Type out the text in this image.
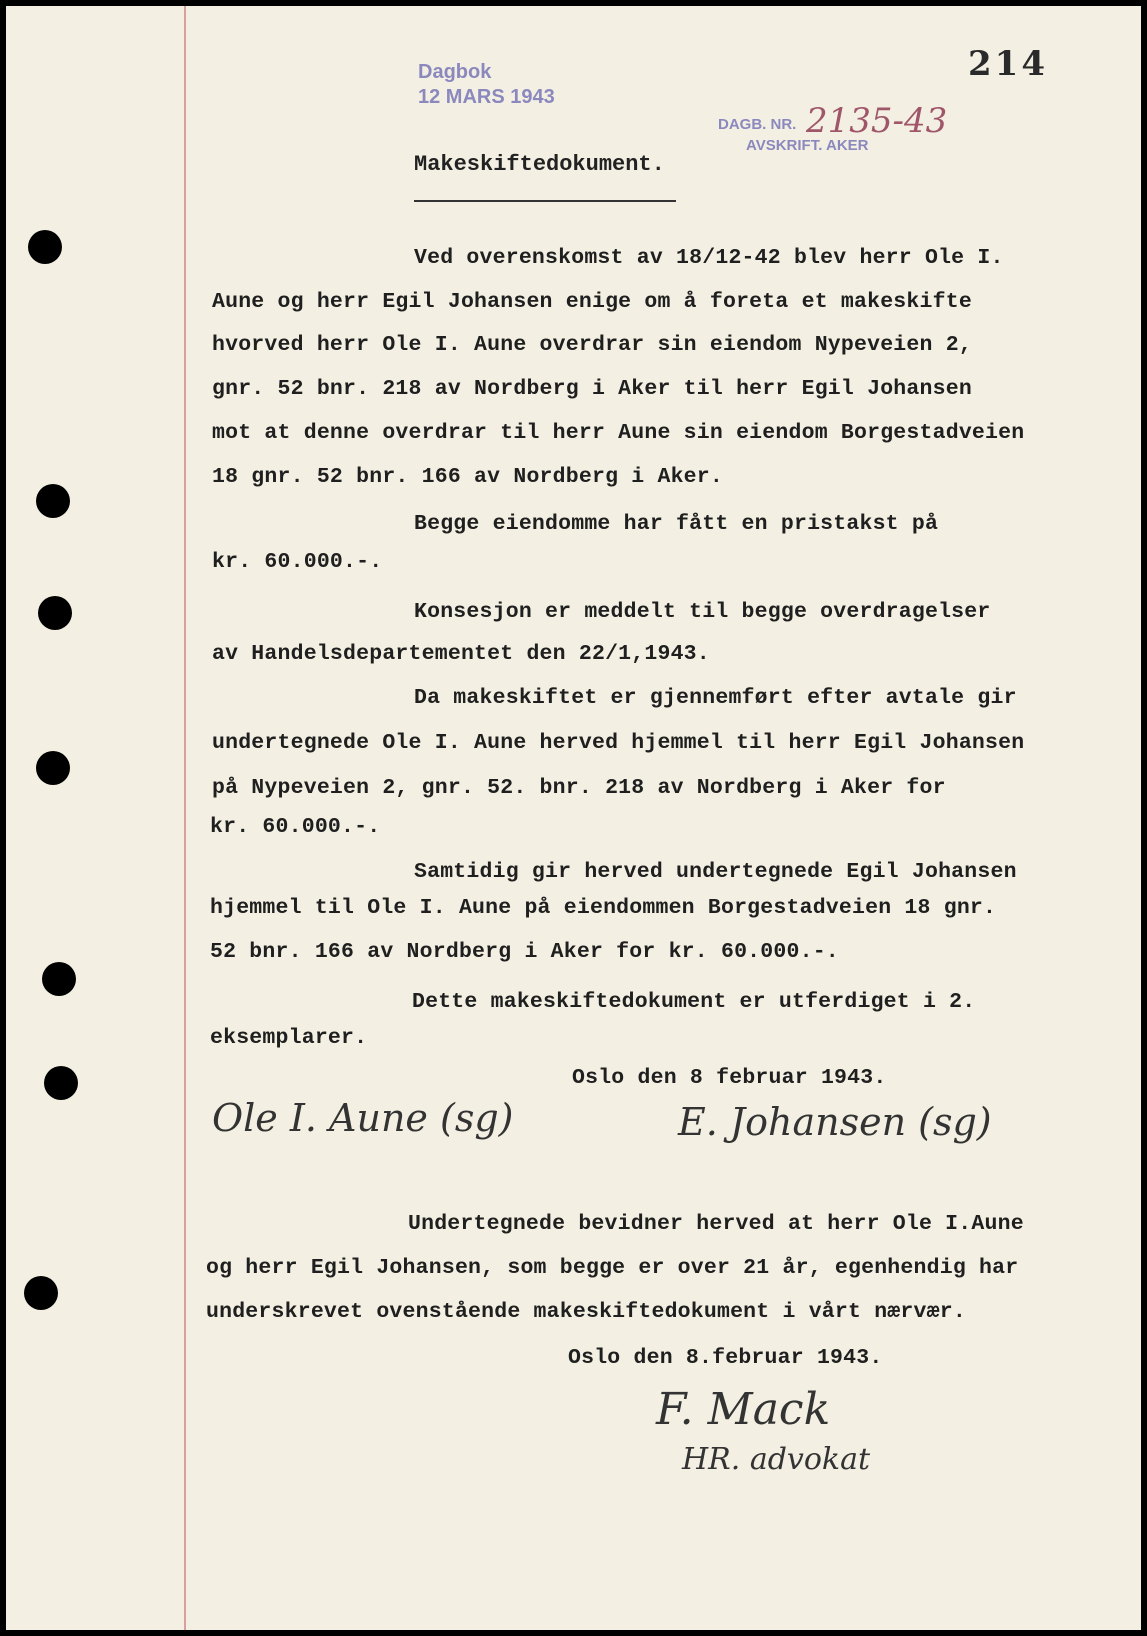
214
Dagbok
12 MARS 1943
DAGB. NR.
AVSKRIFT. AKER
2135-43
Makeskiftedokument.
Ved overenskomst av 18/12-42 blev herr Ole I.
Aune og herr Egil Johansen enige om å foreta et makeskifte
hvorved herr Ole I. Aune overdrar sin eiendom Nypeveien 2,
gnr. 52 bnr. 218 av Nordberg i Aker til herr Egil Johansen
mot at denne overdrar til herr Aune sin eiendom Borgestadveien
18 gnr. 52 bnr. 166 av Nordberg i Aker.
Begge eiendomme har fått en pristakst på
kr. 60.000.-.
Konsesjon er meddelt til begge overdragelser
av Handelsdepartementet den 22/1,1943.
Da makeskiftet er gjennemført efter avtale gir
undertegnede Ole I. Aune herved hjemmel til herr Egil Johansen
på Nypeveien 2, gnr. 52. bnr. 218 av Nordberg i Aker for
kr. 60.000.-.
Samtidig gir herved undertegnede Egil Johansen
hjemmel til Ole I. Aune på eiendommen Borgestadveien 18 gnr.
52 bnr. 166 av Nordberg i Aker for kr. 60.000.-.
Dette makeskiftedokument er utferdiget i 2.
eksemplarer.
Oslo den 8 februar 1943.
Ole I. Aune (sg)	E. Johansen (sg)
Undertegnede bevidner herved at herr Ole I.Aune
og herr Egil Johansen, som begge er over 21 år, egenhendig har
underskrevet ovenstående makeskiftedokument i vårt nærvær.
Oslo den 8.februar 1943.
F. Mack
HR. advokat
